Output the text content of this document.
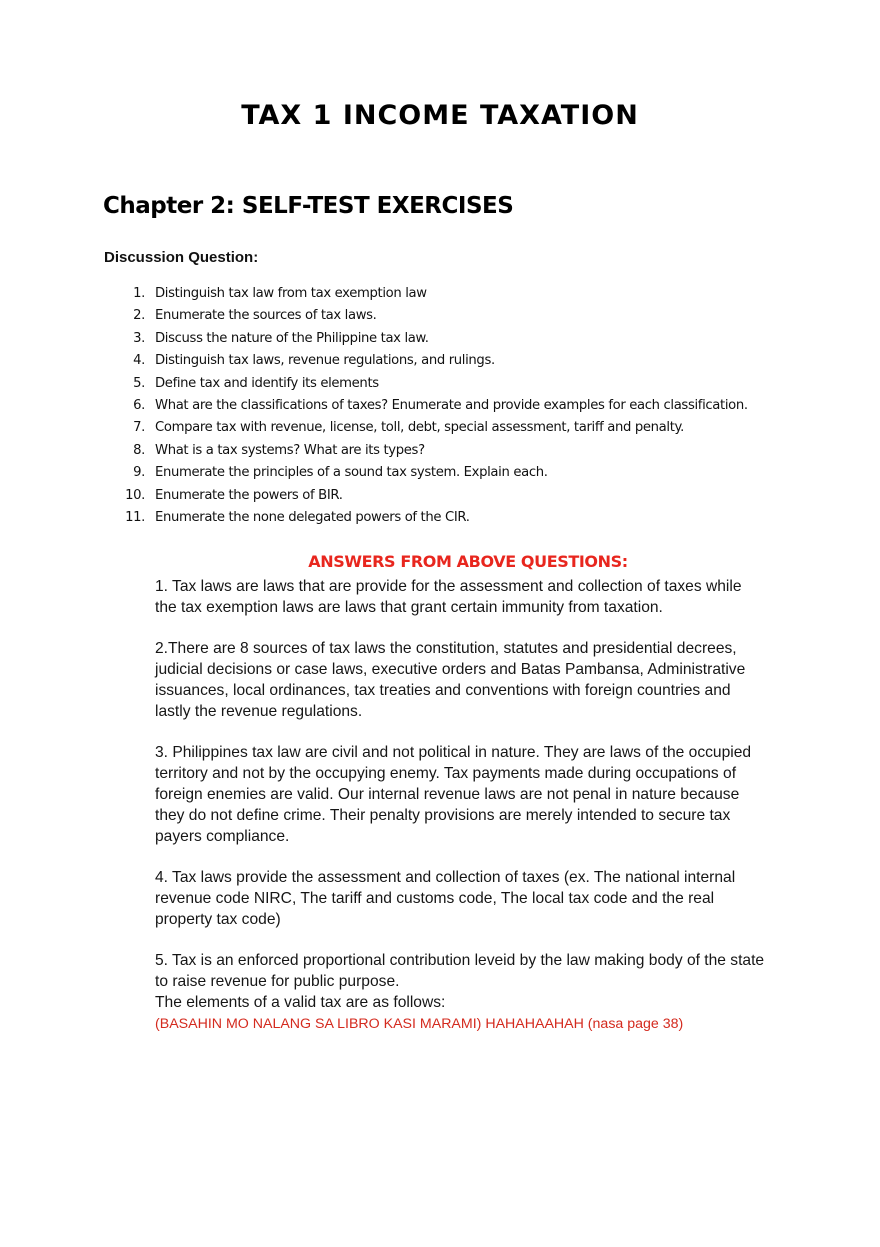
TAX 1 INCOME TAXATION
Chapter 2: SELF-TEST EXERCISES

Discussion Question:

1. Distinguish tax law from tax exemption law
2. Enumerate the sources of tax laws.
3. Discuss the nature of the Philippine tax law.
4. Distinguish tax laws, revenue regulations, and rulings.
5. Define tax and identify its elements
6. What are the classifications of taxes? Enumerate and provide examples for each classification.
7. Compare tax with revenue, license, toll, debt, special assessment, tariff and penalty.
8. What is a tax systems? What are its types?
9. Enumerate the principles of a sound tax system. Explain each.
10. Enumerate the powers of BIR.
11. Enumerate the none delegated powers of the CIR.
ANSWERS FROM ABOVE QUESTIONS:

1. Tax laws are laws that are provide for the assessment and collection of taxes while
the tax exemption laws are laws that grant certain immunity from taxation.

2.There are 8 sources of tax laws the constitution, statutes and presidential decrees,
judicial decisions or case laws, executive orders and Batas Pambansa, Administrative
issuances, local ordinances, tax treaties and conventions with foreign countries and
lastly the revenue regulations.

3. Philippines tax law are civil and not political in nature. They are laws of the occupied
territory and not by the occupying enemy. Tax payments made during occupations of
foreign enemies are valid. Our internal revenue laws are not penal in nature because
they do not define crime. Their penalty provisions are merely intended to secure tax
payers compliance.

4. Tax laws provide the assessment and collection of taxes (ex. The national internal
revenue code NIRC, The tariff and customs code, The local tax code and the real
property tax code)

5. Tax is an enforced proportional contribution leveid by the law making body of the state
to raise revenue for public purpose.
The elements of a valid tax are as follows:

(BASAHIN MO NALANG SA LIBRO KASI MARAMI) HAHAHAAHAH (nasa page 38)
